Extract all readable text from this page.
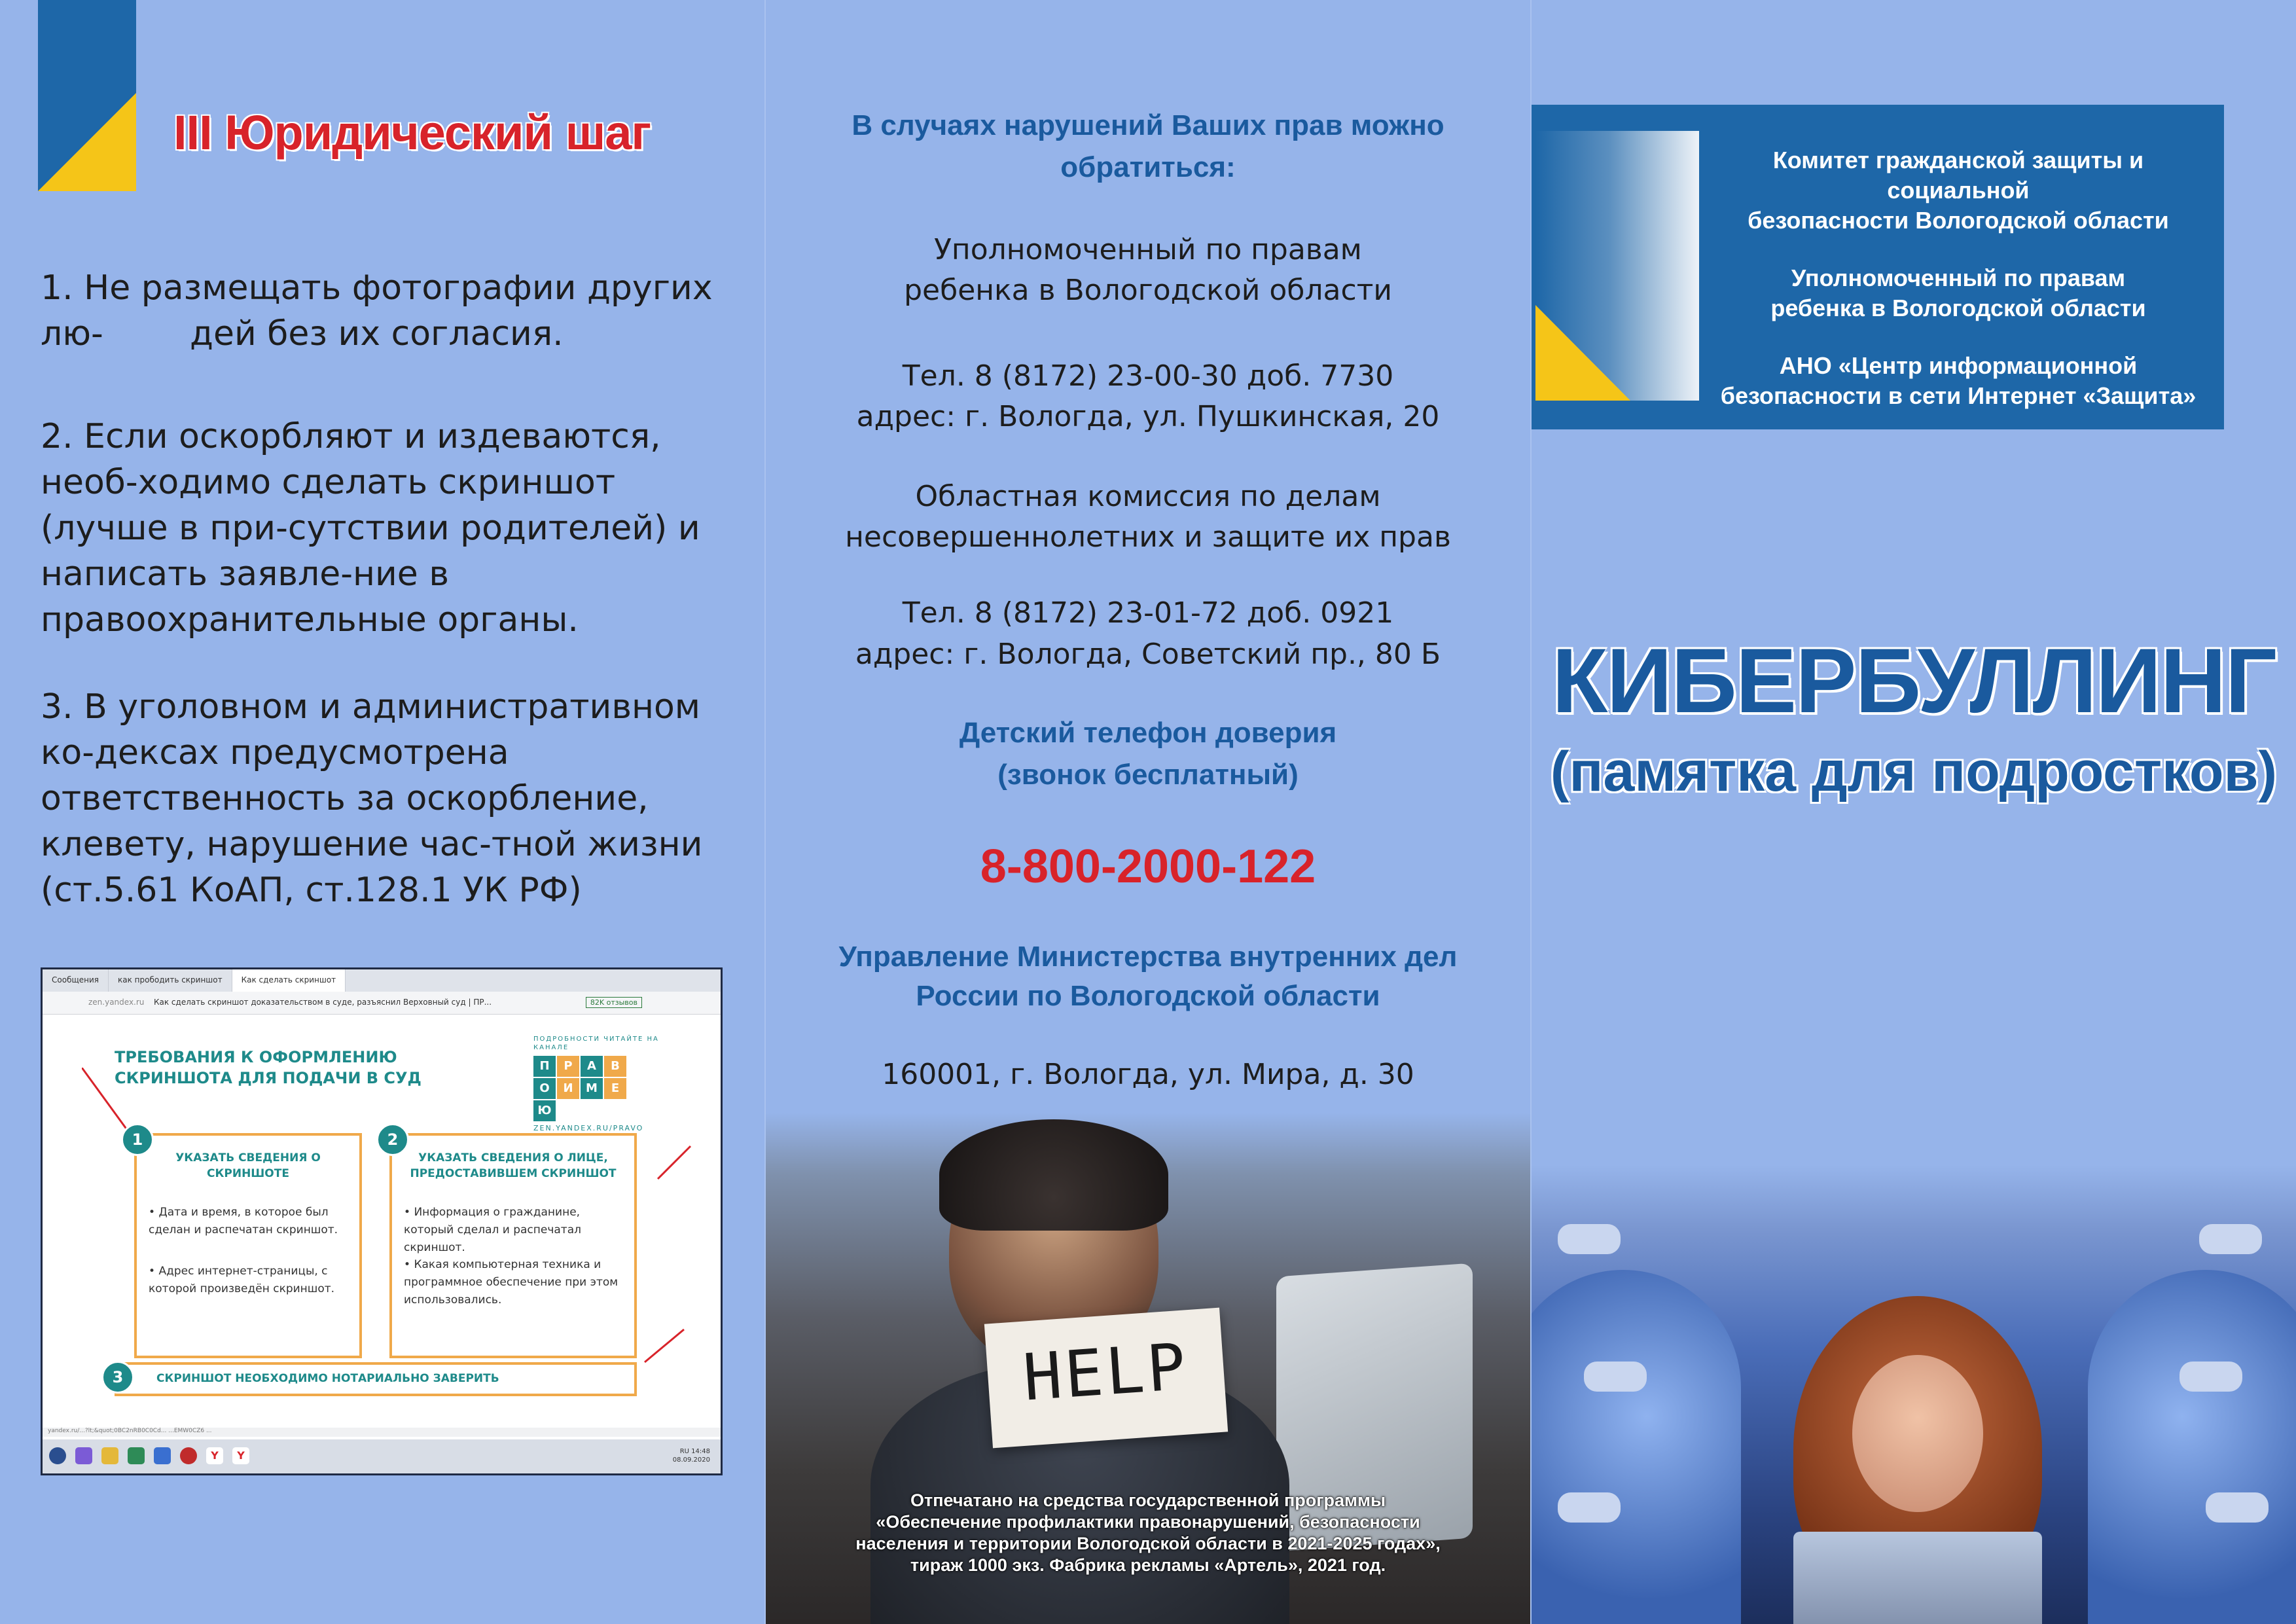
III Юридический шаг
1. Не размещать фотографии других лю-        дей без их согласия.
2. Если оскорбляют и издеваются, необ-ходимо сделать скриншот (лучше в при-сутствии родителей) и написать заявле-ние в правоохранительные органы.
3. В уголовном и административном ко-дексах предусмотрена ответственность за оскорбление, клевету, нарушение час-тной жизни (ст.5.61 КоАП, ст.128.1 УК РФ)
Сообщения	как прободить скриншот	Как сделать скриншот
zen.yandex.ru Как сделать скриншот доказательством в суде, разъяснил Верховный суд | ПР...	82K отзывов
ТРЕБОВАНИЯ К ОФОРМЛЕНИЮ СКРИНШОТА ДЛЯ ПОДАЧИ В СУД
ПОДРОБНОСТИ ЧИТАЙТЕ НА КАНАЛЕ
П	Р	А	В
О	И	М	Е
Ю
ZEN.YANDEX.RU/PRAVO
УКАЗАТЬ СВЕДЕНИЯ О СКРИНШОТЕ
• Дата и время, в которое был сделан и распечатан скриншот.
• Адрес интернет-страницы, с которой произведён скриншот.
1
УКАЗАТЬ СВЕДЕНИЯ О ЛИЦЕ, ПРЕДОСТАВИВШЕМ СКРИНШОТ
• Информация о гражданине, который сделал и распечатал скриншот.
• Какая компьютерная техника и программное обеспечение при этом использовались.
2
СКРИНШОТ НЕОБХОДИМО НОТАРИАЛЬНО ЗАВЕРИТЬ
3
yandex.ru/...?lt;&quot;0BC2nRB0C0Cd... ...EMW0CZ6 ...
Y	Y	RU 14:48
08.09.2020
В случаях нарушений Ваших прав можно обратиться:
Уполномоченный по правам
ребенка в Вологодской области
Тел. 8 (8172) 23-00-30 доб. 7730
адрес: г. Вологда, ул. Пушкинская, 20
Областная комиссия по делам
несовершеннолетних и защите их прав
Тел. 8 (8172) 23-01-72 доб. 0921
адрес: г. Вологда, Советский пр., 80 Б
Детский телефон доверия
(звонок бесплатный)
8-800-2000-122
Управление Министерства внутренних дел
России по Вологодской области
160001, г. Вологда, ул. Мира, д. 30
HELP
Отпечатано на средства государственной программы
«Обеспечение профилактики правонарушений, безопасности
населения и территории Вологодской области в 2021-2025 годах»,
тираж 1000 экз. Фабрика рекламы «Артель», 2021 год.

Комитет гражданской защиты и социальной
безопасности Вологодской области

Уполномоченный по правам
ребенка в Вологодской области

АНО «Центр информационной
безопасности в сети Интернет «Защита»

КИБЕРБУЛЛИНГ
(памятка для подростков)
